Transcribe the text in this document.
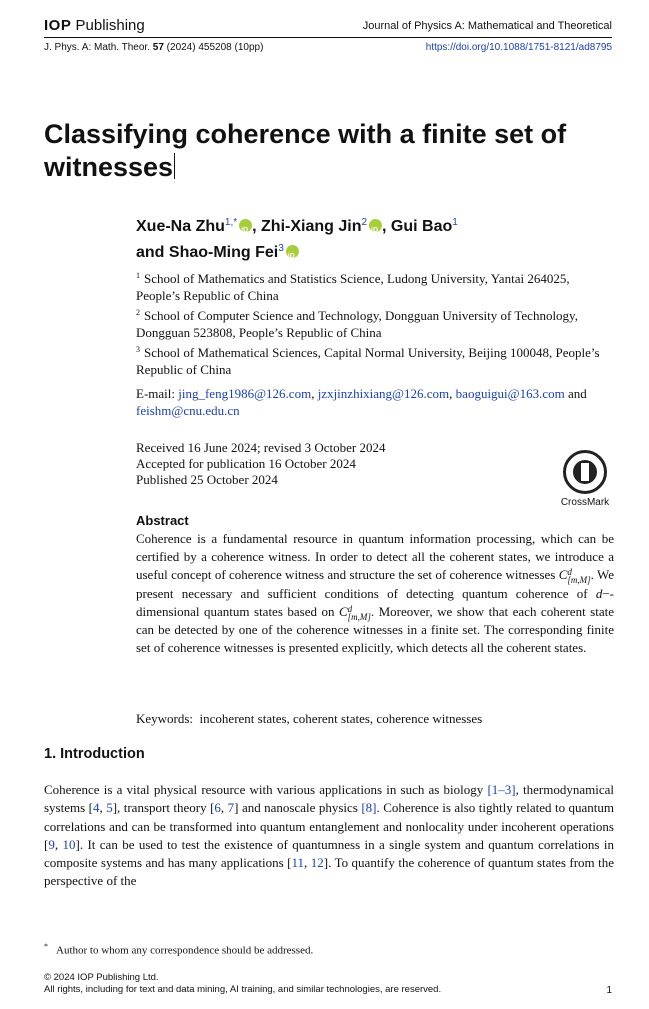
IOP Publishing	Journal of Physics A: Mathematical and Theoretical
J. Phys. A: Math. Theor. 57 (2024) 455208 (10pp)	https://doi.org/10.1088/1751-8121/ad8795
Classifying coherence with a finite set of witnesses
Xue-Na Zhu$^{1,*}$ iD , Zhi-Xiang Jin$^2$ iD , Gui Bao$^1$
and Shao-Ming Fei$^3$iD

$^1$ School of Mathematics and Statistics Science, Ludong University, Yantai 264025, People’s Republic of China

$^2$ School of Computer Science and Technology, Dongguan University of Technology, Dongguan 523808, People’s Republic of China

$^3$ School of Mathematical Sciences, Capital Normal University, Beijing 100048, People’s Republic of China

E-mail: jing_feng1986@126.com, jzxjinzhixiang@126.com, baoguigui@163.com and feishm@cnu.edu.cn

Received 16 June 2024; revised 3 October 2024

Accepted for publication 16 October 2024

Published 25 October 2024

CrossMark
Abstract

Coherence is a fundamental resource in quantum information processing, which can be certified by a coherence witness. In order to detect all the coherent states, we introduce a useful concept of coherence witness and structure the set of coherence witnesses Cd
[m,M]. We present necessary and sufficient conditions of detecting quantum coherence of d−-dimensional quantum states based on Cd
[m,M]. Moreover, we show that each coherent state can be detected by one of the coherence witnesses in a finite set. The corresponding finite set of coherence witnesses is presented explicitly, which detects all the coherent states.

Keywords: incoherent states, coherent states, coherence witnesses
1. Introduction

Coherence is a vital physical resource with various applications in such as biology [1–3], thermodynamical systems [4, 5], transport theory [6, 7] and nanoscale physics [8]. Coherence is also tightly related to quantum correlations and can be transformed into quantum entanglement and nonlocality under incoherent operations [9, 10]. It can be used to test the existence of quantumness in a single system and quantum correlations in composite systems and has many applications [11, 12]. To quantify the coherence of quantum states from the perspective of the

* Author to whom any correspondence should be addressed.

© 2024 IOP Publishing Ltd.

All rights, including for text and data mining, AI training, and similar technologies, are reserved.	1
